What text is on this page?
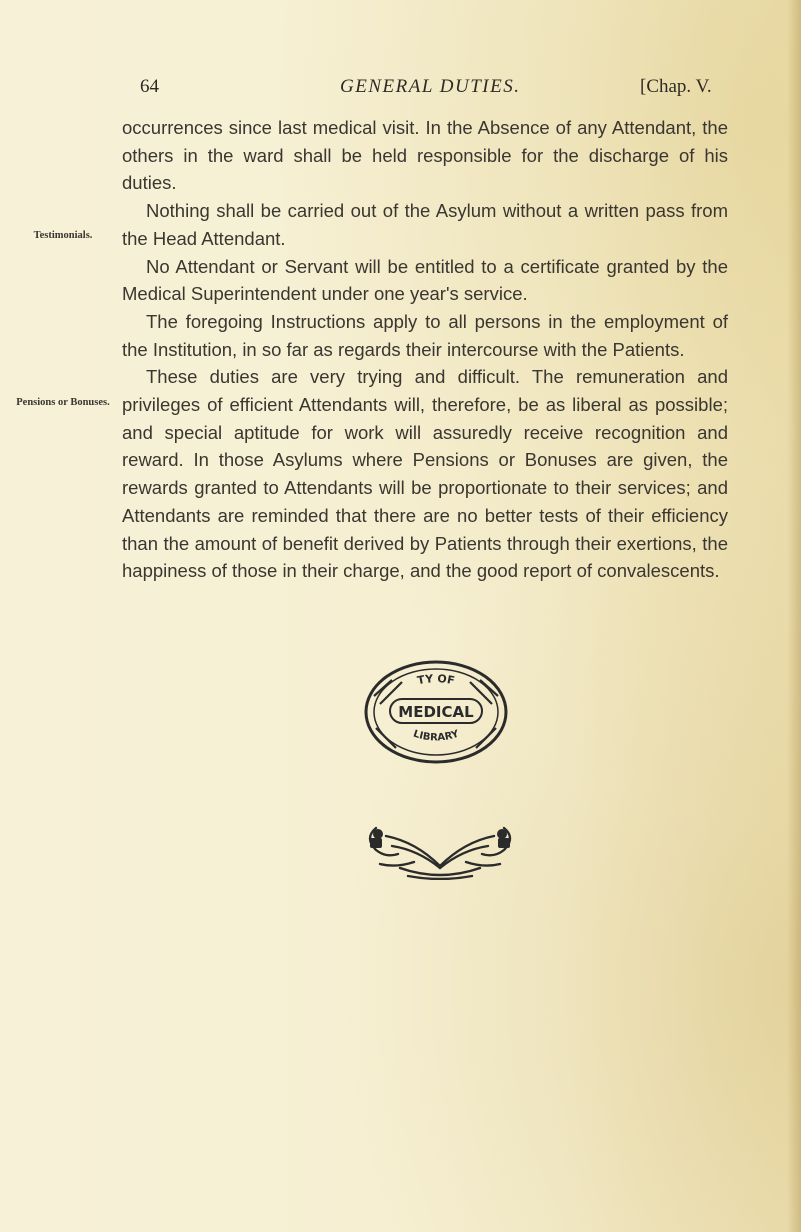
64	GENERAL DUTIES.	[Chap. V.
Testimonials.
Pensions or Bonuses.

occurrences since last medical visit. In the Absence of any Attendant, the others in the ward shall be held responsible for the discharge of his duties.

Nothing shall be carried out of the Asylum without a written pass from the Head Attendant.

No Attendant or Servant will be entitled to a certificate granted by the Medical Superintendent under one year's service.

The foregoing Instructions apply to all persons in the employment of the Institution, in so far as regards their intercourse with the Patients.

These duties are very trying and difficult. The remuneration and privileges of efficient Attendants will, therefore, be as liberal as possible; and special aptitude for work will assuredly receive recognition and reward. In those Asylums where Pensions or Bonuses are given, the rewards granted to Attendants will be proportionate to their services; and Attendants are reminded that there are no better tests of their efficiency than the amount of benefit derived by Patients through their exertions, the happiness of those in their charge, and the good report of convalescents.

TY OF
MEDICAL
LIBRARY
